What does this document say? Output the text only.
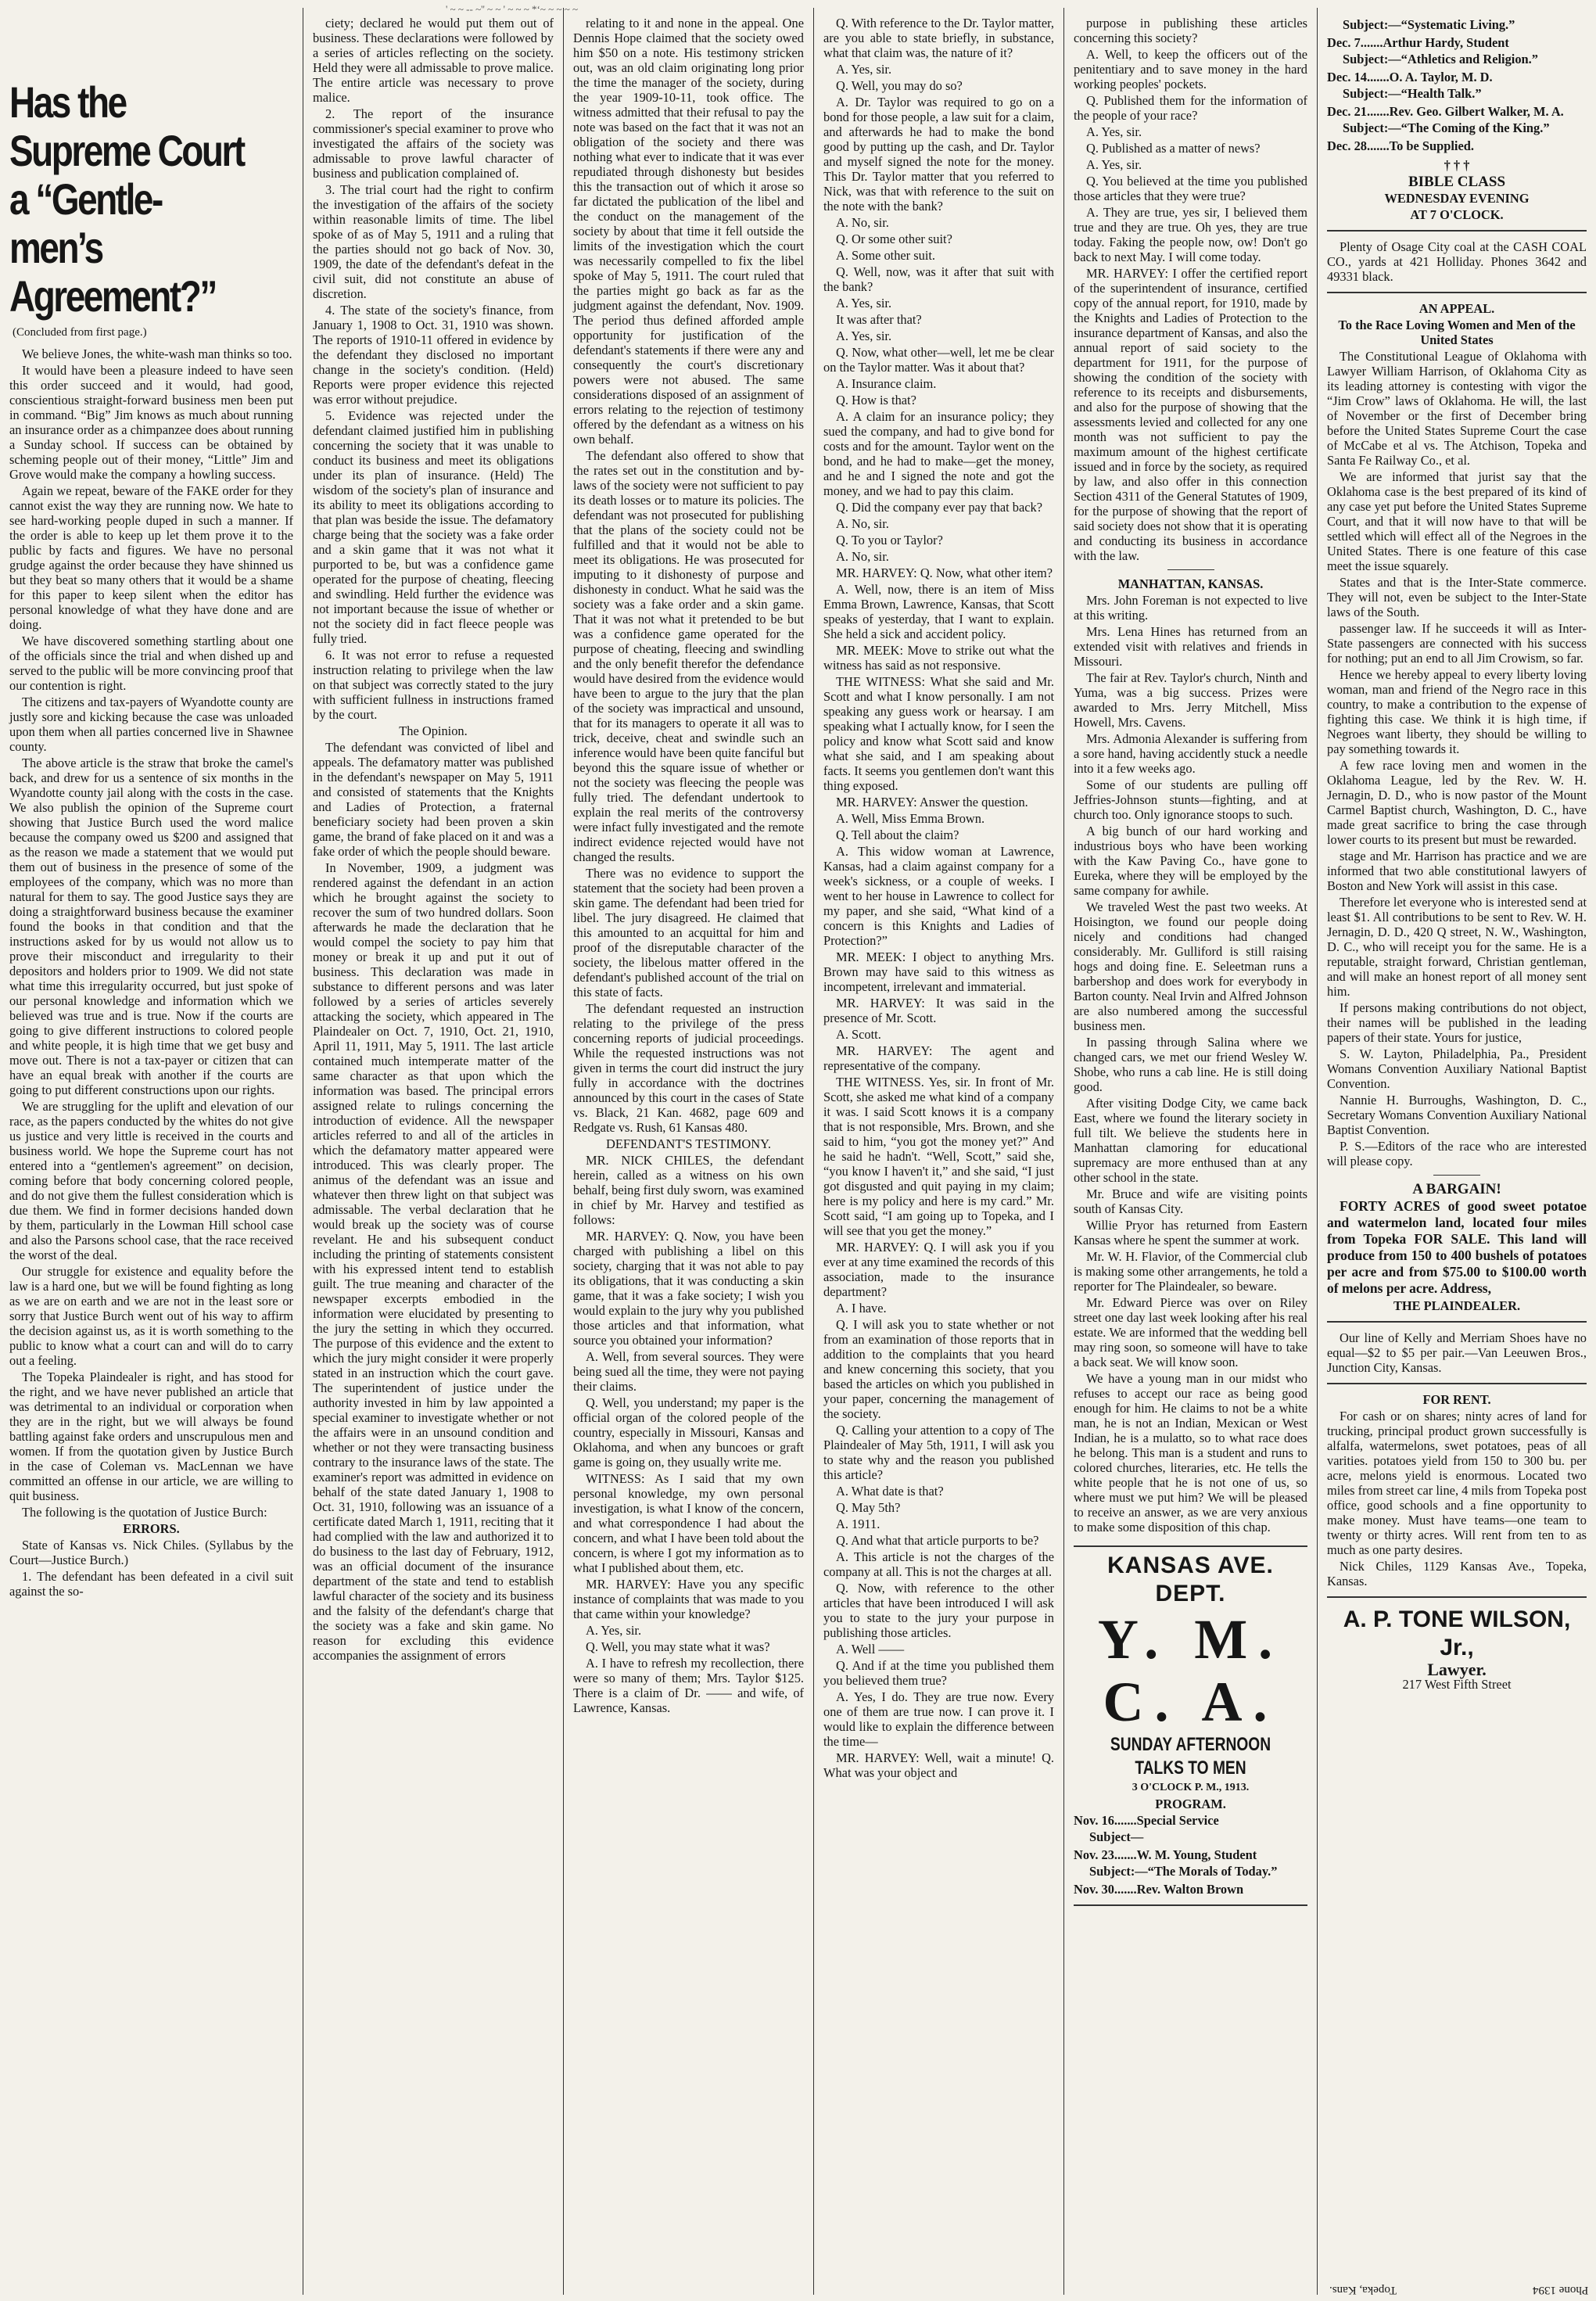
' ~ ~ -- ~'' ~ ~ ' ~ ~ ~ *‘~ ~ ~ ~ ~
Has the Supreme Court a “Gentle-men’s Agreement?”
(Concluded from first page.)

We believe Jones, the white-wash man thinks so too.

It would have been a pleasure indeed to have seen this order succeed and it would, had good, conscientious straight-forward business men been put in command. “Big” Jim knows as much about running an insurance order as a chimpanzee does about running a Sunday school. If success can be obtained by scheming people out of their money, “Little” Jim and Grove would make the company a howling success.

Again we repeat, beware of the FAKE order for they cannot exist the way they are running now. We hate to see hard-working people duped in such a manner. If the order is able to keep up let them prove it to the public by facts and figures. We have no personal grudge against the order because they have shinned us but they beat so many others that it would be a shame for this paper to keep silent when the editor has personal knowledge of what they have done and are doing.

We have discovered something startling about one of the officials since the trial and when dished up and served to the public will be more convincing proof that our contention is right.

The citizens and tax-payers of Wyandotte county are justly sore and kicking because the case was unloaded upon them when all parties concerned live in Shawnee county.

The above article is the straw that broke the camel's back, and drew for us a sentence of six months in the Wyandotte county jail along with the costs in the case. We also publish the opinion of the Supreme court showing that Justice Burch used the word malice because the company owed us $200 and assigned that as the reason we made a statement that we would put them out of business in the presence of some of the employees of the company, which was no more than natural for them to say. The good Justice says they are doing a straightforward business because the examiner found the books in that condition and that the instructions asked for by us would not allow us to prove their misconduct and irregularity to their depositors and holders prior to 1909. We did not state what time this irregularity occurred, but just spoke of our personal knowledge and information which we believed was true and is true. Now if the courts are going to give different instructions to colored people and white people, it is high time that we get busy and move out. There is not a tax-payer or citizen that can have an equal break with another if the courts are going to put different constructions upon our rights.

We are struggling for the uplift and elevation of our race, as the papers conducted by the whites do not give us justice and very little is received in the courts and business world. We hope the Supreme court has not entered into a “gentlemen's agreement” on decision, coming before that body concerning colored people, and do not give them the fullest consideration which is due them. We find in former decisions handed down by them, particularly in the Lowman Hill school case and also the Parsons school case, that the race received the worst of the deal.

Our struggle for existence and equality before the law is a hard one, but we will be found fighting as long as we are on earth and we are not in the least sore or sorry that Justice Burch went out of his way to affirm the decision against us, as it is worth something to the public to know what a court can and will do to carry out a feeling.

The Topeka Plaindealer is right, and has stood for the right, and we have never published an article that was detrimental to an individual or corporation when they are in the right, but we will always be found battling against fake orders and unscrupulous men and women. If from the quotation given by Justice Burch in the case of Coleman vs. MacLennan we have committed an offense in our article, we are willing to quit business.

The following is the quotation of Justice Burch:

ERRORS.

State of Kansas vs. Nick Chiles. (Syllabus by the Court—Justice Burch.)

1. The defendant has been defeated in a civil suit against the so-

ciety; declared he would put them out of business. These declarations were followed by a series of articles reflecting on the society. Held they were all admissable to prove malice. The entire article was necessary to prove malice.

2. The report of the insurance commissioner's special examiner to prove who investigated the affairs of the society was admissable to prove lawful character of business and publication complained of.

3. The trial court had the right to confirm the investigation of the affairs of the society within reasonable limits of time. The libel spoke of as of May 5, 1911 and a ruling that the parties should not go back of Nov. 30, 1909, the date of the defendant's defeat in the civil suit, did not constitute an abuse of discretion.

4. The state of the society's finance, from January 1, 1908 to Oct. 31, 1910 was shown. The reports of 1910-11 offered in evidence by the defendant they disclosed no important change in the society's condition. (Held) Reports were proper evidence this rejected was error without prejudice.

5. Evidence was rejected under the defendant claimed justified him in publishing concerning the society that it was unable to conduct its business and meet its obligations under its plan of insurance. (Held) The wisdom of the society's plan of insurance and its ability to meet its obligations according to that plan was beside the issue. The defamatory charge being that the society was a fake order and a skin game that it was not what it purported to be, but was a confidence game operated for the purpose of cheating, fleecing and swindling. Held further the evidence was not important because the issue of whether or not the society did in fact fleece people was fully tried.

6. It was not error to refuse a requested instruction relating to privilege when the law on that subject was correctly stated to the jury with sufficient fullness in instructions framed by the court.

The Opinion.

The defendant was convicted of libel and appeals. The defamatory matter was published in the defendant's newspaper on May 5, 1911 and consisted of statements that the Knights and Ladies of Protection, a fraternal beneficiary society had been proven a skin game, the brand of fake placed on it and was a fake order of which the people should beware.

In November, 1909, a judgment was rendered against the defendant in an action which he brought against the society to recover the sum of two hundred dollars. Soon afterwards he made the declaration that he would compel the society to pay him that money or break it up and put it out of business. This declaration was made in substance to different persons and was later followed by a series of articles severely attacking the society, which appeared in The Plaindealer on Oct. 7, 1910, Oct. 21, 1910, April 11, 1911, May 5, 1911. The last article contained much intemperate matter of the same character as that upon which the information was based. The principal errors assigned relate to rulings concerning the introduction of evidence. All the newspaper articles referred to and all of the articles in which the defamatory matter appeared were introduced. This was clearly proper. The animus of the defendant was an issue and whatever then threw light on that subject was admissable. The verbal declaration that he would break up the society was of course revelant. He and his subsequent conduct including the printing of statements consistent with his expressed intent tend to establish guilt. The true meaning and character of the newspaper excerpts embodied in the information were elucidated by presenting to the jury the setting in which they occurred. The purpose of this evidence and the extent to which the jury might consider it were properly stated in an instruction which the court gave. The superintendent of justice under the authority invested in him by law appointed a special examiner to investigate whether or not the affairs were in an unsound condition and whether or not they were transacting business contrary to the insurance laws of the state. The examiner's report was admitted in evidence on behalf of the state dated January 1, 1908 to Oct. 31, 1910, following was an issuance of a certificate dated March 1, 1911, reciting that it had complied with the law and authorized it to do business to the last day of February, 1912, was an official document of the insurance department of the state and tend to establish lawful character of the society and its business and the falsity of the defendant's charge that the society was a fake and skin game. No reason for excluding this evidence accompanies the assignment of errors

relating to it and none in the appeal. One Dennis Hope claimed that the society owed him $50 on a note. His testimony stricken out, was an old claim originating long prior the time the manager of the society, during the year 1909-10-11, took office. The witness admitted that their refusal to pay the note was based on the fact that it was not an obligation of the society and there was nothing what ever to indicate that it was ever repudiated through dishonesty but besides this the transaction out of which it arose so far dictated the publication of the libel and the conduct on the management of the society by about that time it fell outside the limits of the investigation which the court was necessarily compelled to fix the libel spoke of May 5, 1911. The court ruled that the parties might go back as far as the judgment against the defendant, Nov. 1909. The period thus defined afforded ample opportunity for justification of the defendant's statements if there were any and consequently the court's discretionary powers were not abused. The same considerations disposed of an assignment of errors relating to the rejection of testimony offered by the defendant as a witness on his own behalf.

The defendant also offered to show that the rates set out in the constitution and by-laws of the society were not sufficient to pay its death losses or to mature its policies. The defendant was not prosecuted for publishing that the plans of the society could not be fulfilled and that it would not be able to meet its obligations. He was prosecuted for imputing to it dishonesty of purpose and dishonesty in conduct. What he said was the society was a fake order and a skin game. That it was not what it pretended to be but was a confidence game operated for the purpose of cheating, fleecing and swindling and the only benefit therefor the defendance would have desired from the evidence would have been to argue to the jury that the plan of the society was impractical and unsound, that for its managers to operate it all was to trick, deceive, cheat and swindle such an inference would have been quite fanciful but beyond this the square issue of whether or not the society was fleecing the people was fully tried. The defendant undertook to explain the real merits of the controversy were infact fully investigated and the remote indirect evidence rejected would have not changed the results.

There was no evidence to support the statement that the society had been proven a skin game. The defendant had been tried for libel. The jury disagreed. He claimed that this amounted to an acquittal for him and proof of the disreputable character of the society, the libelous matter offered in the defendant's published account of the trial on this state of facts.

The defendant requested an instruction relating to the privilege of the press concerning reports of judicial proceedings. While the requested instructions was not given in terms the court did instruct the jury fully in accordance with the doctrines announced by this court in the cases of State vs. Black, 21 Kan. 4682, page 609 and Redgate vs. Rush, 61 Kansas 480.

DEFENDANT'S TESTIMONY.

MR. NICK CHILES, the defendant herein, called as a witness on his own behalf, being first duly sworn, was examined in chief by Mr. Harvey and testified as follows:

MR. HARVEY: Q. Now, you have been charged with publishing a libel on this society, charging that it was not able to pay its obligations, that it was conducting a skin game, that it was a fake society; I wish you would explain to the jury why you published those articles and that information, what source you obtained your information?

A. Well, from several sources. They were being sued all the time, they were not paying their claims.

Q. Well, you understand; my paper is the official organ of the colored people of the country, especially in Missouri, Kansas and Oklahoma, and when any buncoes or graft game is going on, they usually write me.

WITNESS: As I said that my own personal knowledge, my own personal investigation, is what I know of the concern, and what correspondence I had about the concern, and what I have been told about the concern, is where I got my information as to what I published about them, etc.

MR. HARVEY: Have you any specific instance of complaints that was made to you that came within your knowledge?

A. Yes, sir.

Q. Well, you may state what it was?

A. I have to refresh my recollection, there were so many of them; Mrs. Taylor $125. There is a claim of Dr. —— and wife, of Lawrence, Kansas.

Q. With reference to the Dr. Taylor matter, are you able to state briefly, in substance, what that claim was, the nature of it?

A. Yes, sir.

Q. Well, you may do so?

A. Dr. Taylor was required to go on a bond for those people, a law suit for a claim, and afterwards he had to make the bond good by putting up the cash, and Dr. Taylor and myself signed the note for the money. This Dr. Taylor matter that you referred to Nick, was that with reference to the suit on the note with the bank?

A. No, sir.

Q. Or some other suit?

A. Some other suit.

Q. Well, now, was it after that suit with the bank?

A. Yes, sir.

It was after that?

A. Yes, sir.

Q. Now, what other—well, let me be clear on the Taylor matter. Was it about that?

A. Insurance claim.

Q. How is that?

A. A claim for an insurance policy; they sued the company, and had to give bond for costs and for the amount. Taylor went on the bond, and he had to make—get the money, and he and I signed the note and got the money, and we had to pay this claim.

Q. Did the company ever pay that back?

A. No, sir.

Q. To you or Taylor?

A. No, sir.

MR. HARVEY: Q. Now, what other item?

A. Well, now, there is an item of Miss Emma Brown, Lawrence, Kansas, that Scott speaks of yesterday, that I want to explain. She held a sick and accident policy.

MR. MEEK: Move to strike out what the witness has said as not responsive.

THE WITNESS: What she said and Mr. Scott and what I know personally. I am not speaking any guess work or hearsay. I am speaking what I actually know, for I seen the policy and know what Scott said and know what she said, and I am speaking about facts. It seems you gentlemen don't want this thing exposed.

MR. HARVEY: Answer the question.

A. Well, Miss Emma Brown.

Q. Tell about the claim?

A. This widow woman at Lawrence, Kansas, had a claim against company for a week's sickness, or a couple of weeks. I went to her house in Lawrence to collect for my paper, and she said, “What kind of a concern is this Knights and Ladies of Protection?”

MR. MEEK: I object to anything Mrs. Brown may have said to this witness as incompetent, irrelevant and immaterial.

MR. HARVEY: It was said in the presence of Mr. Scott.

A. Scott.

MR. HARVEY: The agent and representative of the company.

THE WITNESS. Yes, sir. In front of Mr. Scott, she asked me what kind of a company it was. I said Scott knows it is a company that is not responsible, Mrs. Brown, and she said to him, “you got the money yet?” And he said he hadn't. “Well, Scott,” said she, “you know I haven't it,” and she said, “I just got disgusted and quit paying in my claim; here is my policy and here is my card.” Mr. Scott said, “I am going up to Topeka, and I will see that you get the money.”

MR. HARVEY: Q. I will ask you if you ever at any time examined the records of this association, made to the insurance department?

A. I have.

Q. I will ask you to state whether or not from an examination of those reports that in addition to the complaints that you heard and knew concerning this society, that you based the articles on which you published in your paper, concerning the management of the society.

Q. Calling your attention to a copy of The Plaindealer of May 5th, 1911, I will ask you to state why and the reason you published this article?

A. What date is that?

Q. May 5th?

A. 1911.

Q. And what that article purports to be?

A. This article is not the charges of the company at all. This is not the charges at all.

Q. Now, with reference to the other articles that have been introduced I will ask you to state to the jury your purpose in publishing those articles.

A. Well ——

Q. And if at the time you published them you believed them true?

A. Yes, I do. They are true now. Every one of them are true now. I can prove it. I would like to explain the difference between the time—

MR. HARVEY: Well, wait a minute! Q. What was your object and

purpose in publishing these articles concerning this society?

A. Well, to keep the officers out of the penitentiary and to save money in the hard working peoples' pockets.

Q. Published them for the information of the people of your race?

A. Yes, sir.

Q. Published as a matter of news?

A. Yes, sir.

Q. You believed at the time you published those articles that they were true?

A. They are true, yes sir, I believed them true and they are true. Oh yes, they are true today. Faking the people now, ow! Don't go back to next May. I will come today.

MR. HARVEY: I offer the certified report of the superintendent of insurance, certified copy of the annual report, for 1910, made by the Knights and Ladies of Protection to the insurance department of Kansas, and also the annual report of said society to the department for 1911, for the purpose of showing the condition of the society with reference to its receipts and disbursements, and also for the purpose of showing that the assessments levied and collected for any one month was not sufficient to pay the maximum amount of the highest certificate issued and in force by the society, as required by law, and also offer in this connection Section 4311 of the General Statutes of 1909, for the purpose of showing that the report of said society does not show that it is operating and conducting its business in accordance with the law.

MANHATTAN, KANSAS.

Mrs. John Foreman is not expected to live at this writing.

Mrs. Lena Hines has returned from an extended visit with relatives and friends in Missouri.

The fair at Rev. Taylor's church, Ninth and Yuma, was a big success. Prizes were awarded to Mrs. Jerry Mitchell, Miss Howell, Mrs. Cavens.

Mrs. Admonia Alexander is suffering from a sore hand, having accidently stuck a needle into it a few weeks ago.

Some of our students are pulling off Jeffries-Johnson stunts—fighting, and at church too. Only ignorance stoops to such.

A big bunch of our hard working and industrious boys who have been working with the Kaw Paving Co., have gone to Eureka, where they will be employed by the same company for awhile.

We traveled West the past two weeks. At Hoisington, we found our people doing nicely and conditions had changed considerably. Mr. Gulliford is still raising hogs and doing fine. E. Seleetman runs a barbershop and does work for everybody in Barton county. Neal Irvin and Alfred Johnson are also numbered among the successful business men.

In passing through Salina where we changed cars, we met our friend Wesley W. Shobe, who runs a cab line. He is still doing good.

After visiting Dodge City, we came back East, where we found the literary society in full tilt. We believe the students here in Manhattan clamoring for educational supremacy are more enthused than at any other school in the state.

Mr. Bruce and wife are visiting points south of Kansas City.

Willie Pryor has returned from Eastern Kansas where he spent the summer at work.

Mr. W. H. Flavior, of the Commercial club is making some other arrangements, he told a reporter for The Plaindealer, so beware.

Mr. Edward Pierce was over on Riley street one day last week looking after his real estate. We are informed that the wedding bell may ring soon, so someone will have to take a back seat. We will know soon.

We have a young man in our midst who refuses to accept our race as being good enough for him. He claims to not be a white man, he is not an Indian, Mexican or West Indian, he is a mulatto, so to what race does he belong. This man is a student and runs to colored churches, literaries, etc. He tells the white people that he is not one of us, so where must we put him? We will be pleased to receive an answer, as we are very anxious to make some disposition of this chap.

KANSAS AVE. DEPT.
Y. M. C. A.
SUNDAY AFTERNOON
TALKS TO MEN

3 O'CLOCK P. M., 1913.

PROGRAM.

Nov. 16.......Special Service

Subject—

Nov. 23.......W. M. Young, Student

Subject:—“The Morals of Today.”

Nov. 30.......Rev. Walton Brown

Subject:—“Systematic Living.”

Dec. 7.......Arthur Hardy, Student

Subject:—“Athletics and Religion.”

Dec. 14.......O. A. Taylor, M. D.

Subject:—“Health Talk.”

Dec. 21.......Rev. Geo. Gilbert Walker, M. A.

Subject:—“The Coming of the King.”

Dec. 28.......To be Supplied.

† † †

BIBLE CLASS

WEDNESDAY EVENING

AT 7 O'CLOCK.

Plenty of Osage City coal at the CASH COAL CO., yards at 421 Holliday. Phones 3642 and 49331 black.

AN APPEAL.

To the Race Loving Women and Men of the United States

The Constitutional League of Oklahoma with Lawyer William Harrison, of Oklahoma City as its leading attorney is contesting with vigor the “Jim Crow” laws of Oklahoma. He will, the last of November or the first of December bring before the United States Supreme Court the case of McCabe et al vs. The Atchison, Topeka and Santa Fe Railway Co., et al.

We are informed that jurist say that the Oklahoma case is the best prepared of its kind of any case yet put before the United States Supreme Court, and that it will now have to that will be settled which will effect all of the Negroes in the United States. There is one feature of this case meet the issue squarely.

States and that is the Inter-State commerce. They will not, even be subject to the Inter-State laws of the South.

passenger law. If he succeeds it will as Inter-State passengers are connected with his success for nothing; put an end to all Jim Crowism, so far.

Hence we hereby appeal to every liberty loving woman, man and friend of the Negro race in this country, to make a contribution to the expense of fighting this case. We think it is high time, if Negroes want liberty, they should be willing to pay something towards it.

A few race loving men and women in the Oklahoma League, led by the Rev. W. H. Jernagin, D. D., who is now pastor of the Mount Carmel Baptist church, Washington, D. C., have made great sacrifice to bring the case through lower courts to its present but must be rewarded.

stage and Mr. Harrison has practice and we are informed that two able constitutional lawyers of Boston and New York will assist in this case.

Therefore let everyone who is interested send at least $1. All contributions to be sent to Rev. W. H. Jernagin, D. D., 420 Q street, N. W., Washington, D. C., who will receipt you for the same. He is a reputable, straight forward, Christian gentleman, and will make an honest report of all money sent him.

If persons making contributions do not object, their names will be published in the leading papers of their state. Yours for justice,

S. W. Layton, Philadelphia, Pa., President Womans Convention Auxiliary National Baptist Convention.

Nannie H. Burroughs, Washington, D. C., Secretary Womans Convention Auxiliary National Baptist Convention.

P. S.—Editors of the race who are interested will please copy.

A BARGAIN!

FORTY ACRES of good sweet potatoe and watermelon land, located four miles from Topeka FOR SALE. This land will produce from 150 to 400 bushels of potatoes per acre and from $75.00 to $100.00 worth of melons per acre. Address,

THE PLAINDEALER.

Our line of Kelly and Merriam Shoes have no equal—$2 to $5 per pair.—Van Leeuwen Bros., Junction City, Kansas.

FOR RENT.

For cash or on shares; ninty acres of land for trucking, principal product grown successfully is alfalfa, watermelons, swet potatoes, peas of all varities. potatoes yield from 150 to 300 bu. per acre, melons yield is enormous. Located two miles from street car line, 4 mils from Topeka post office, good schools and a fine opportunity to make money. Must have teams—one team to twenty or thirty acres. Will rent from ten to as much as one party desires.

Nick Chiles, 1129 Kansas Ave., Topeka, Kansas.

A. P. TONE WILSON, Jr.,
Lawyer.

217 West Fifth Street

Topeka, Kans.	Phone 1394
